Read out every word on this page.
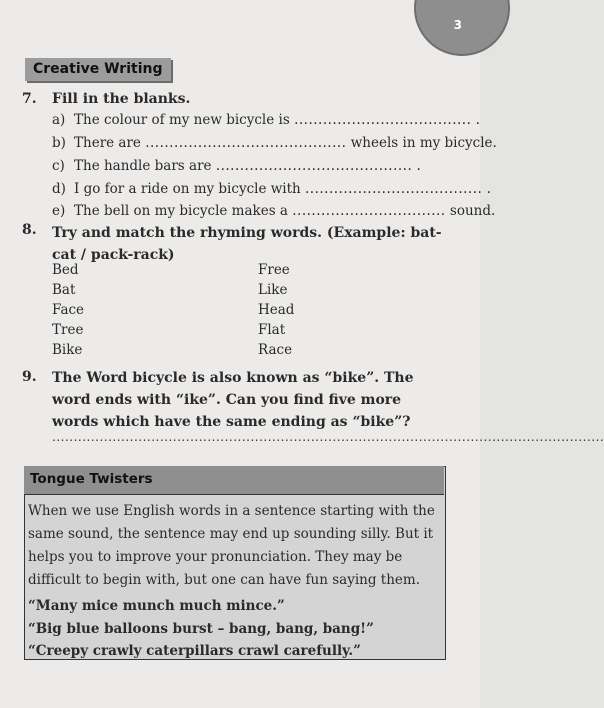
3
Creative Writing
7. Fill in the blanks.
a) The colour of my new bicycle is ..................................... .
b) There are .......................................... wheels in my bicycle.
c) The handle bars are ......................................... .
d) I go for a ride on my bicycle with ..................................... .
e) The bell on my bicycle makes a ................................ sound.
8. Try and match the rhyming words. (Example: bat-cat / pack-rack)
Bed
Bat
Face
Tree
Bike
Free
Like
Head
Flat
Race
9. The Word bicycle is also known as “bike”. The word ends with “ike”. Can you find five more words which have the same ending as “bike”?
................................................................................................................................
Tongue Twisters
When we use English words in a sentence starting with the same sound, the sentence may end up sounding silly. But it helps you to improve your pronunciation. They may be difficult to begin with, but one can have fun saying them.
“Many mice munch much mince.”
“Big blue balloons burst – bang, bang, bang!”
“Creepy crawly caterpillars crawl carefully.”
